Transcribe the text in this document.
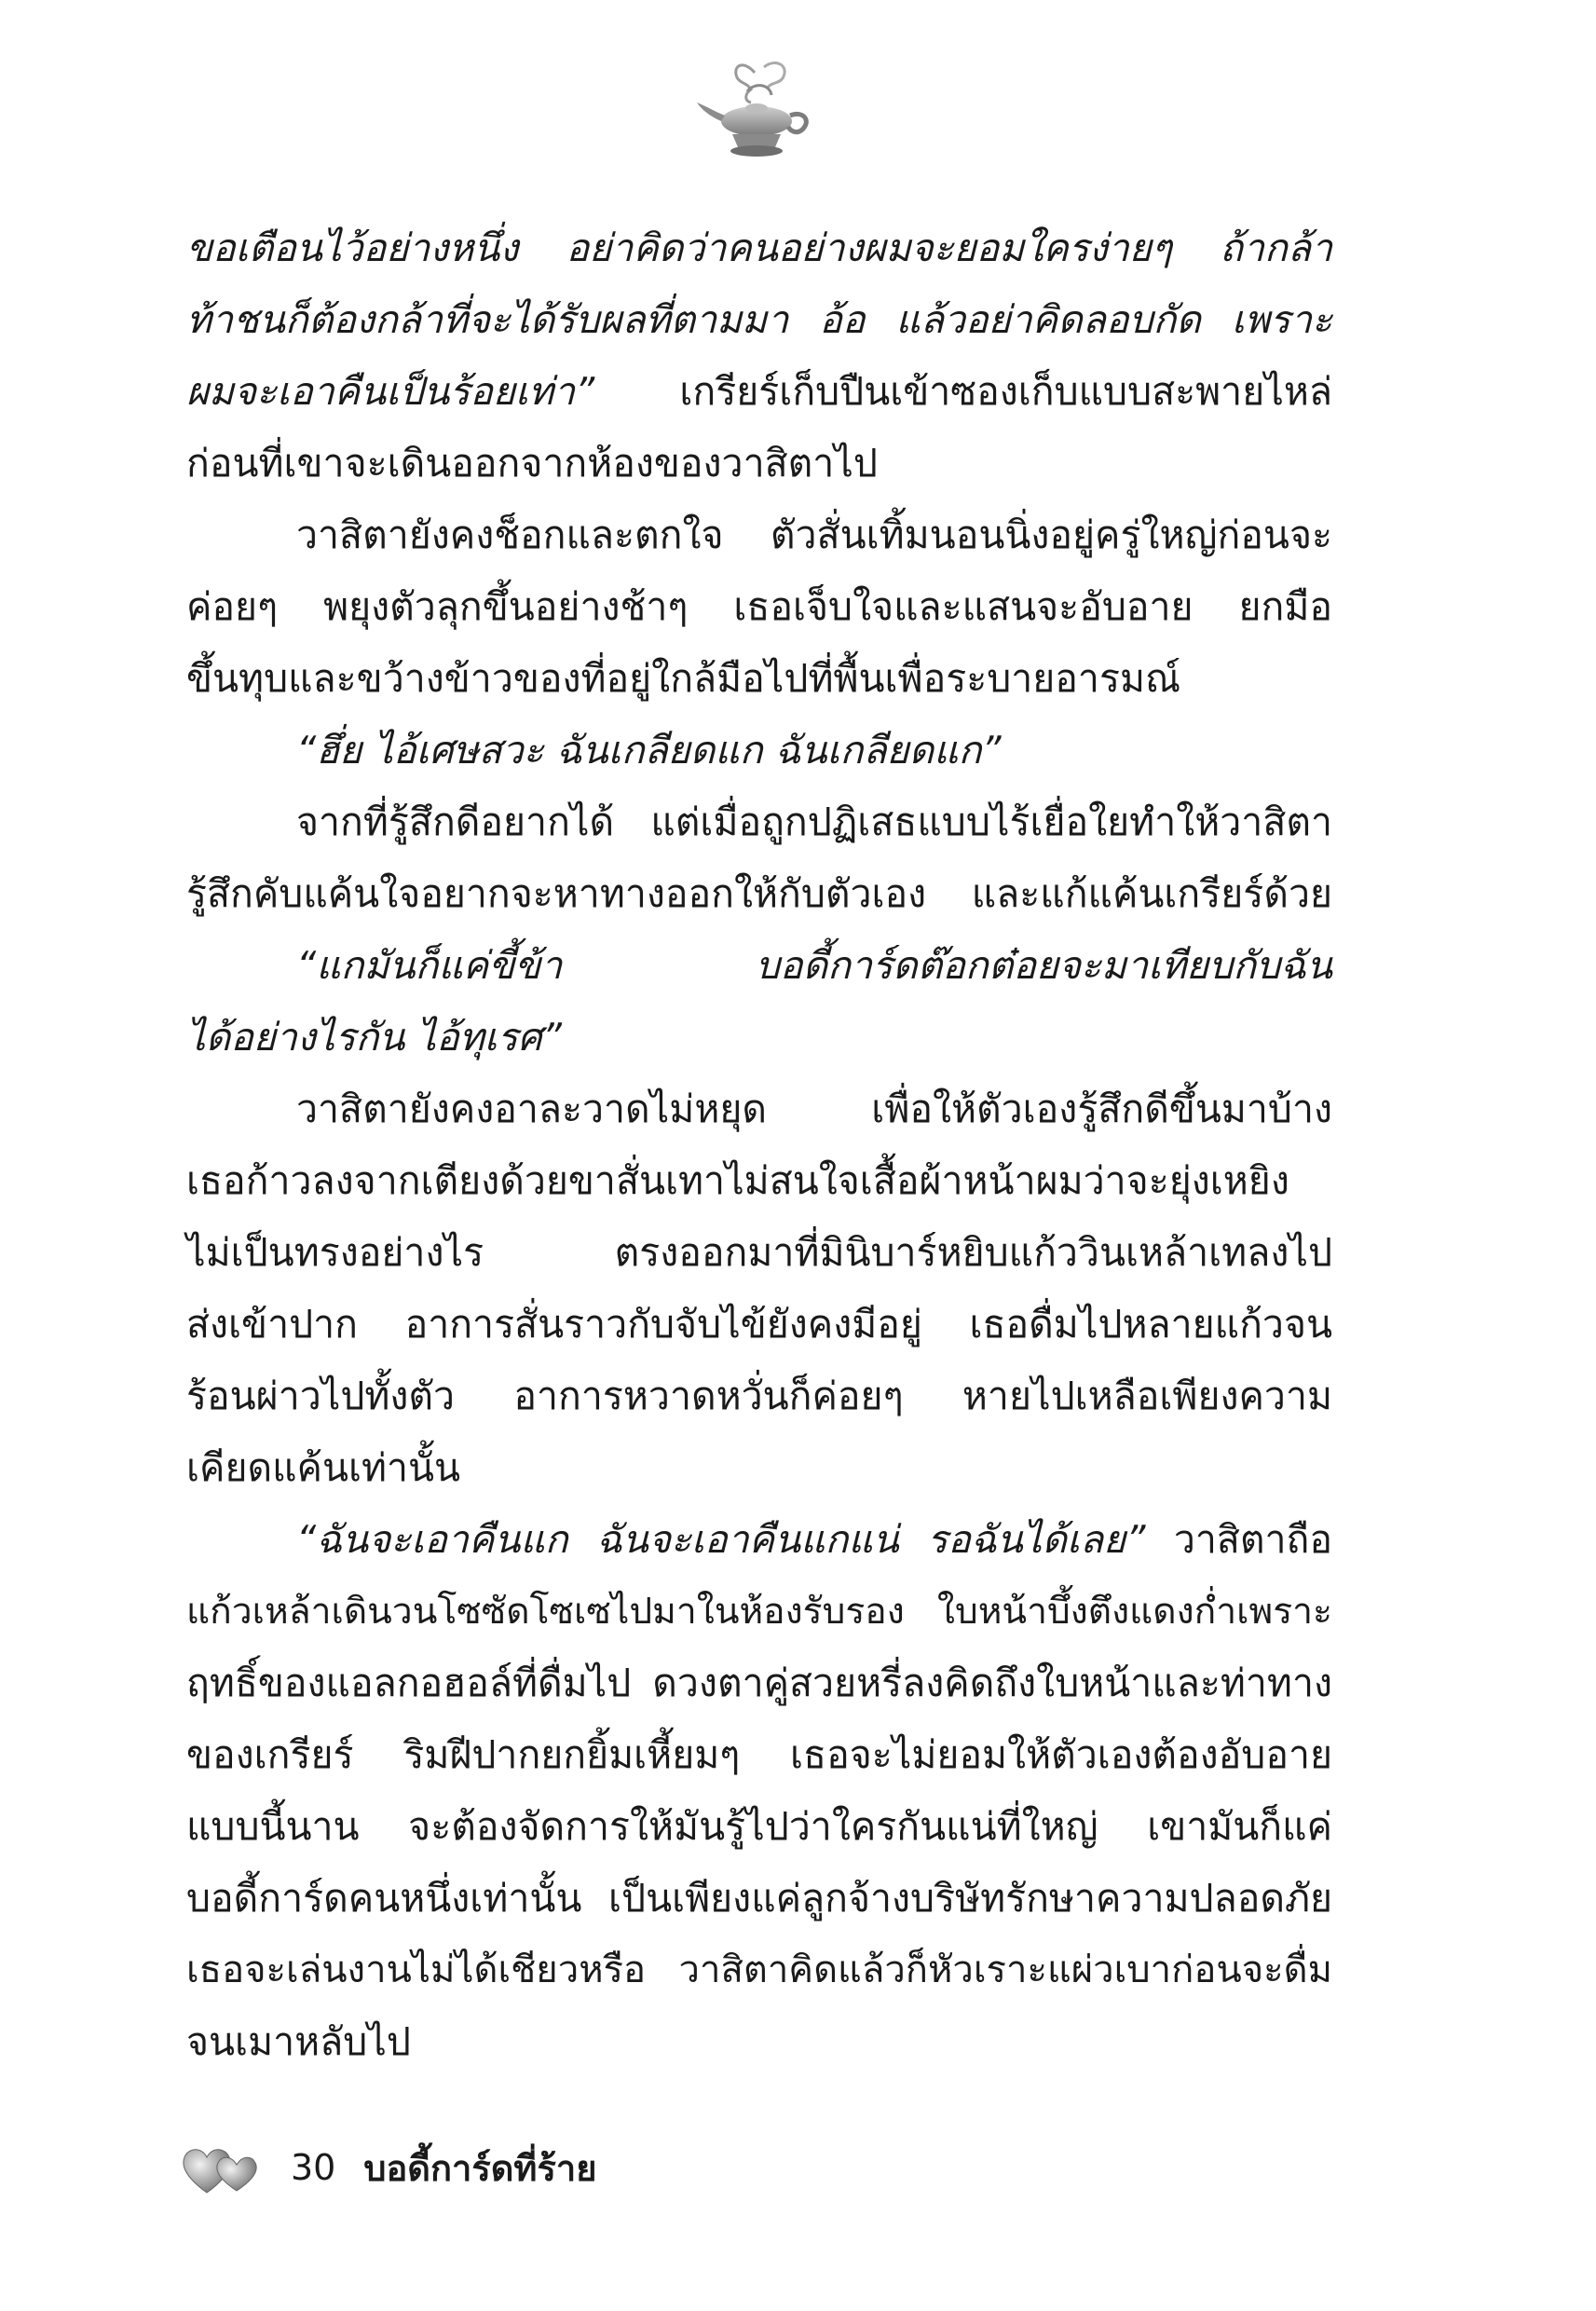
ขอเตือนไว้อย่างหนึ่ง อย่าคิดว่าคนอย่างผมจะยอมใครง่ายๆ ถ้ากล้า
ท้าชนก็ต้องกล้าที่จะได้รับผลที่ตามมา อ้อ แล้วอย่าคิดลอบกัด เพราะ
ผมจะเอาคืนเป็นร้อยเท่า” เกรียร์เก็บปืนเข้าซองเก็บแบบสะพายไหล่
ก่อนที่เขาจะเดินออกจากห้องของวาสิตาไป
วาสิตายังคงช็อกและตกใจ ตัวสั่นเทิ้มนอนนิ่งอยู่ครู่ใหญ่ก่อนจะ
ค่อยๆ พยุงตัวลุกขึ้นอย่างช้าๆ เธอเจ็บใจและแสนจะอับอาย ยกมือ
ขึ้นทุบและขว้างข้าวของที่อยู่ใกล้มือไปที่พื้นเพื่อระบายอารมณ์
“ฮึ่ย ไอ้เศษสวะ ฉันเกลียดแก ฉันเกลียดแก”
จากที่รู้สึกดีอยากได้ แต่เมื่อถูกปฏิเสธแบบไร้เยื่อใยทำให้วาสิตา
รู้สึกคับแค้นใจอยากจะหาทางออกให้กับตัวเอง และแก้แค้นเกรียร์ด้วย
“แกมันก็แค่ขี้ข้า บอดี้การ์ดต๊อกต๋อยจะมาเทียบกับฉัน
ได้อย่างไรกัน ไอ้ทุเรศ”
วาสิตายังคงอาละวาดไม่หยุด เพื่อให้ตัวเองรู้สึกดีขึ้นมาบ้าง
เธอก้าวลงจากเตียงด้วยขาสั่นเทาไม่สนใจเสื้อผ้าหน้าผมว่าจะยุ่งเหยิง
ไม่เป็นทรงอย่างไร ตรงออกมาที่มินิบาร์หยิบแก้ววินเหล้าเทลงไป
ส่งเข้าปาก อาการสั่นราวกับจับไข้ยังคงมีอยู่ เธอดื่มไปหลายแก้วจน
ร้อนผ่าวไปทั้งตัว อาการหวาดหวั่นก็ค่อยๆ หายไปเหลือเพียงความ
เคียดแค้นเท่านั้น
“ฉันจะเอาคืนแก ฉันจะเอาคืนแกแน่ รอฉันได้เลย” วาสิตาถือ
แก้วเหล้าเดินวนโซซัดโซเซไปมาในห้องรับรอง ใบหน้าบึ้งตึงแดงก่ำเพราะ
ฤทธิ์ของแอลกอฮอล์ที่ดื่มไป ดวงตาคู่สวยหรี่ลงคิดถึงใบหน้าและท่าทาง
ของเกรียร์ ริมฝีปากยกยิ้มเหี้ยมๆ เธอจะไม่ยอมให้ตัวเองต้องอับอาย
แบบนี้นาน จะต้องจัดการให้มันรู้ไปว่าใครกันแน่ที่ใหญ่ เขามันก็แค่
บอดี้การ์ดคนหนึ่งเท่านั้น เป็นเพียงแค่ลูกจ้างบริษัทรักษาความปลอดภัย
เธอจะเล่นงานไม่ได้เชียวหรือ วาสิตาคิดแล้วก็หัวเราะแผ่วเบาก่อนจะดื่ม
จนเมาหลับไป
30 บอดี้การ์ดที่ร้าย
